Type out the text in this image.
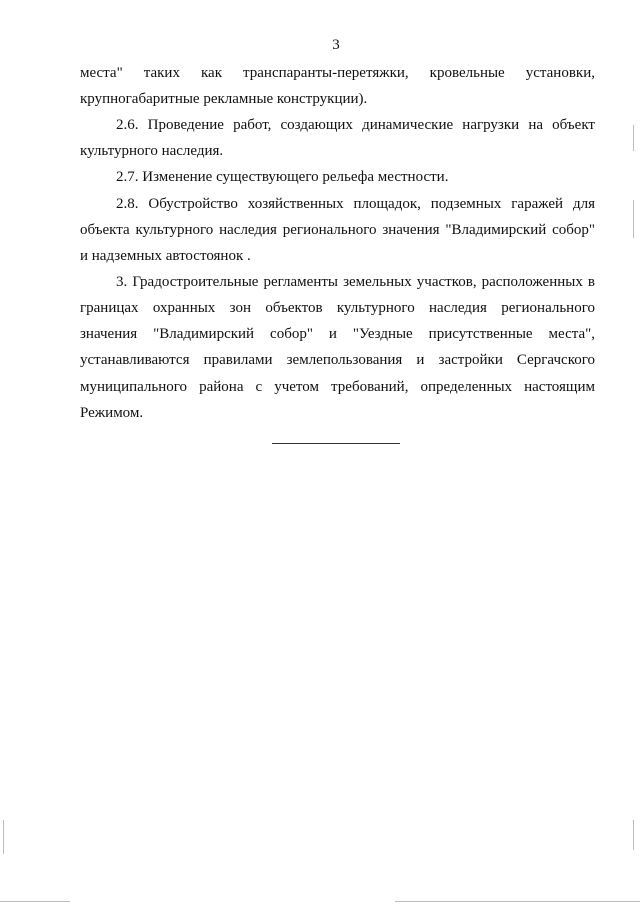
3
места" таких как транспаранты-перетяжки, кровельные установки,
крупногабаритные рекламные конструкции).
2.6. Проведение работ, создающих динамические нагрузки на объект
культурного наследия.
2.7. Изменение существующего рельефа местности.
2.8. Обустройство хозяйственных площадок, подземных гаражей для
объекта культурного наследия регионального значения "Владимирский собор"
и надземных автостоянок .
3. Градостроительные регламенты земельных участков, расположенных в
границах охранных зон объектов культурного наследия регионального
значения "Владимирский собор" и "Уездные присутственные места",
устанавливаются правилами землепользования и застройки Сергачского
муниципального района с учетом требований, определенных настоящим
Режимом.
